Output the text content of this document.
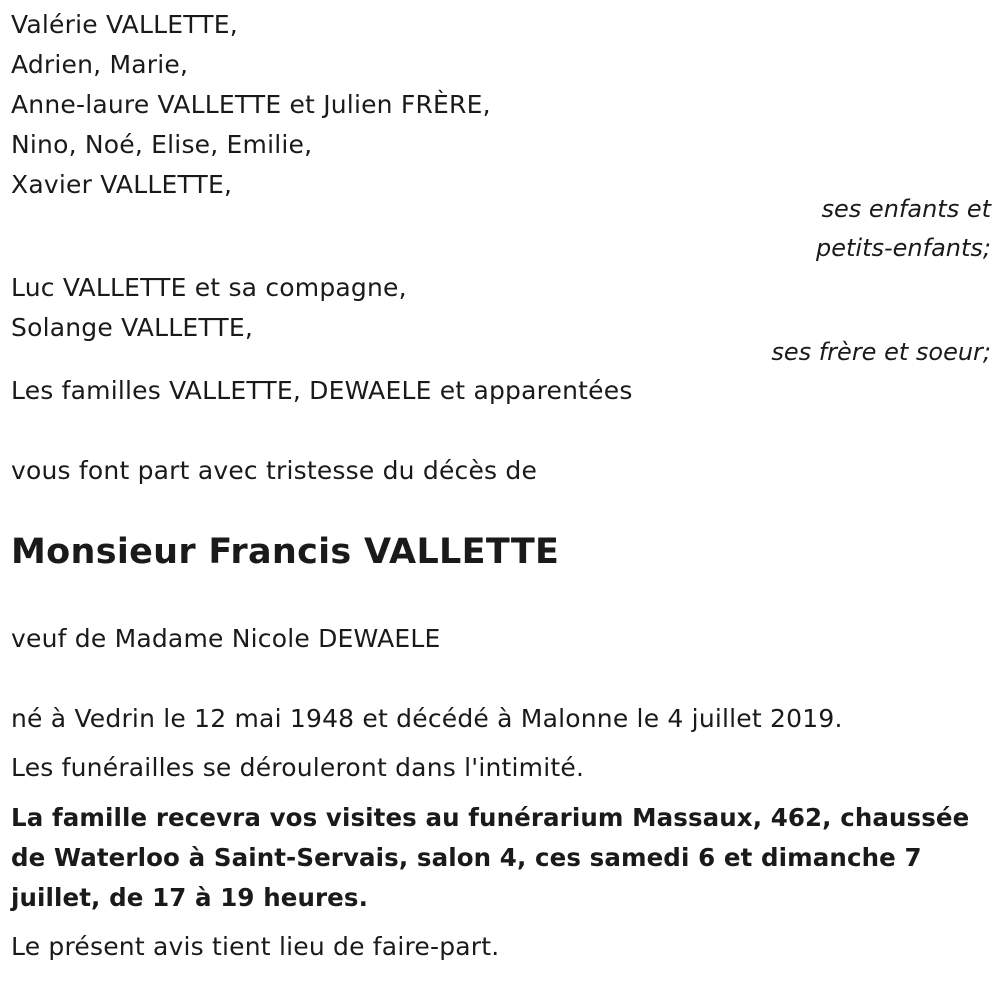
Valérie VALLETTE,
Adrien, Marie,
Anne-laure VALLETTE et Julien FRÈRE,
Nino, Noé, Elise, Emilie,
Xavier VALLETTE,
ses enfants et
petits-enfants;
Luc VALLETTE et sa compagne,
Solange VALLETTE,
ses frère et soeur;
Les familles VALLETTE, DEWAELE et apparentées
vous font part avec tristesse du décès de
Monsieur Francis VALLETTE
veuf de Madame Nicole DEWAELE
né à Vedrin le 12 mai 1948 et décédé à Malonne le 4 juillet 2019.
Les funérailles se dérouleront dans l'intimité.
La famille recevra vos visites au funérarium Massaux, 462, chaussée de Waterloo à Saint-Servais, salon 4, ces samedi 6 et dimanche 7 juillet, de 17 à 19 heures.
Le présent avis tient lieu de faire-part.
